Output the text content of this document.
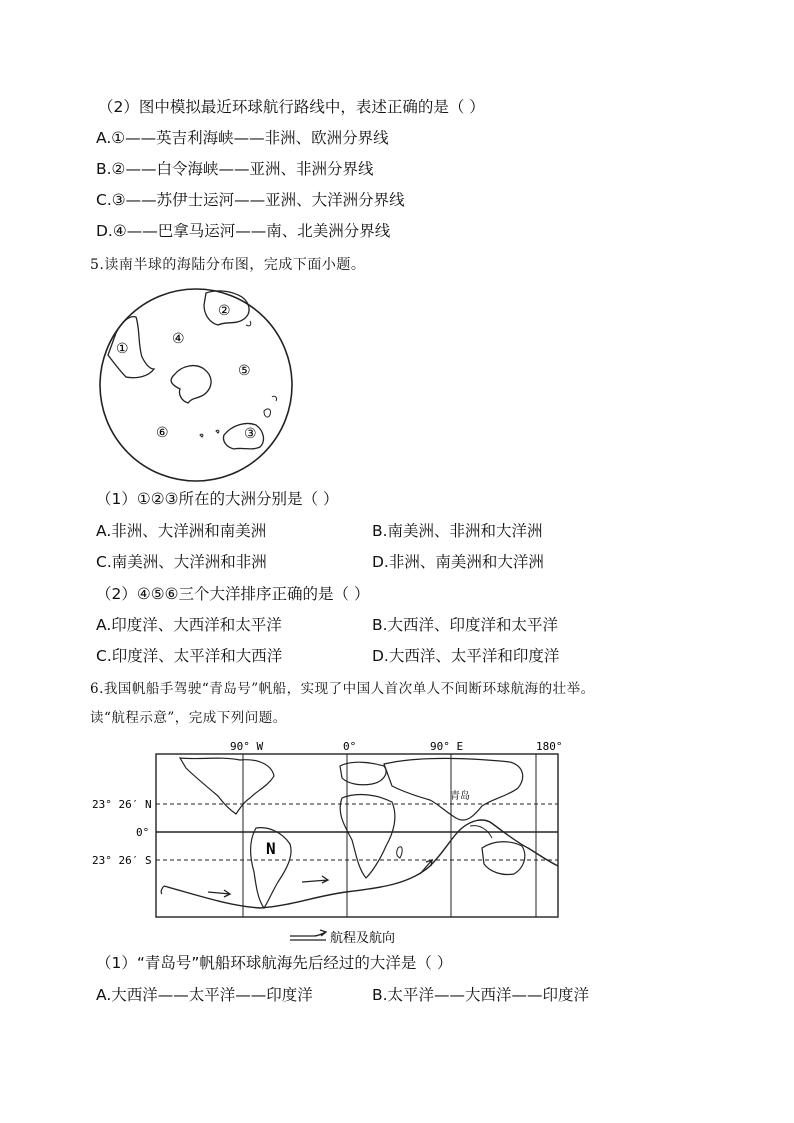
（2）图中模拟最近环球航行路线中，表述正确的是（ ）
A.①——英吉利海峡——非洲、欧洲分界线
B.②——白令海峡——亚洲、非洲分界线
C.③——苏伊士运河——亚洲、大洋洲分界线
D.④——巴拿马运河——南、北美洲分界线
5.读南半球的海陆分布图，完成下面小题。
①
②
③
④
⑤
⑥
（1）①②③所在的大洲分别是（ ）
A.非洲、大洋洲和南美洲	B.南美洲、非洲和大洋洲
C.南美洲、大洋洲和非洲	D.非洲、南美洲和大洋洲
（2）④⑤⑥三个大洋排序正确的是（ ）
A.印度洋、大西洋和太平洋	B.大西洋、印度洋和太平洋
C.印度洋、太平洋和大西洋	D.大西洋、太平洋和印度洋
6.我国帆船手驾驶“青岛号”帆船，实现了中国人首次单人不间断环球航海的壮举。
读“航程示意”，完成下列问题。
90° W	0°	90° E	180°
23° 26′ N
0°
23° 26′ S
N
青岛
航程及航向
（1）“青岛号”帆船环球航海先后经过的大洋是（ ）
A.大西洋——太平洋——印度洋	B.太平洋——大西洋——印度洋
